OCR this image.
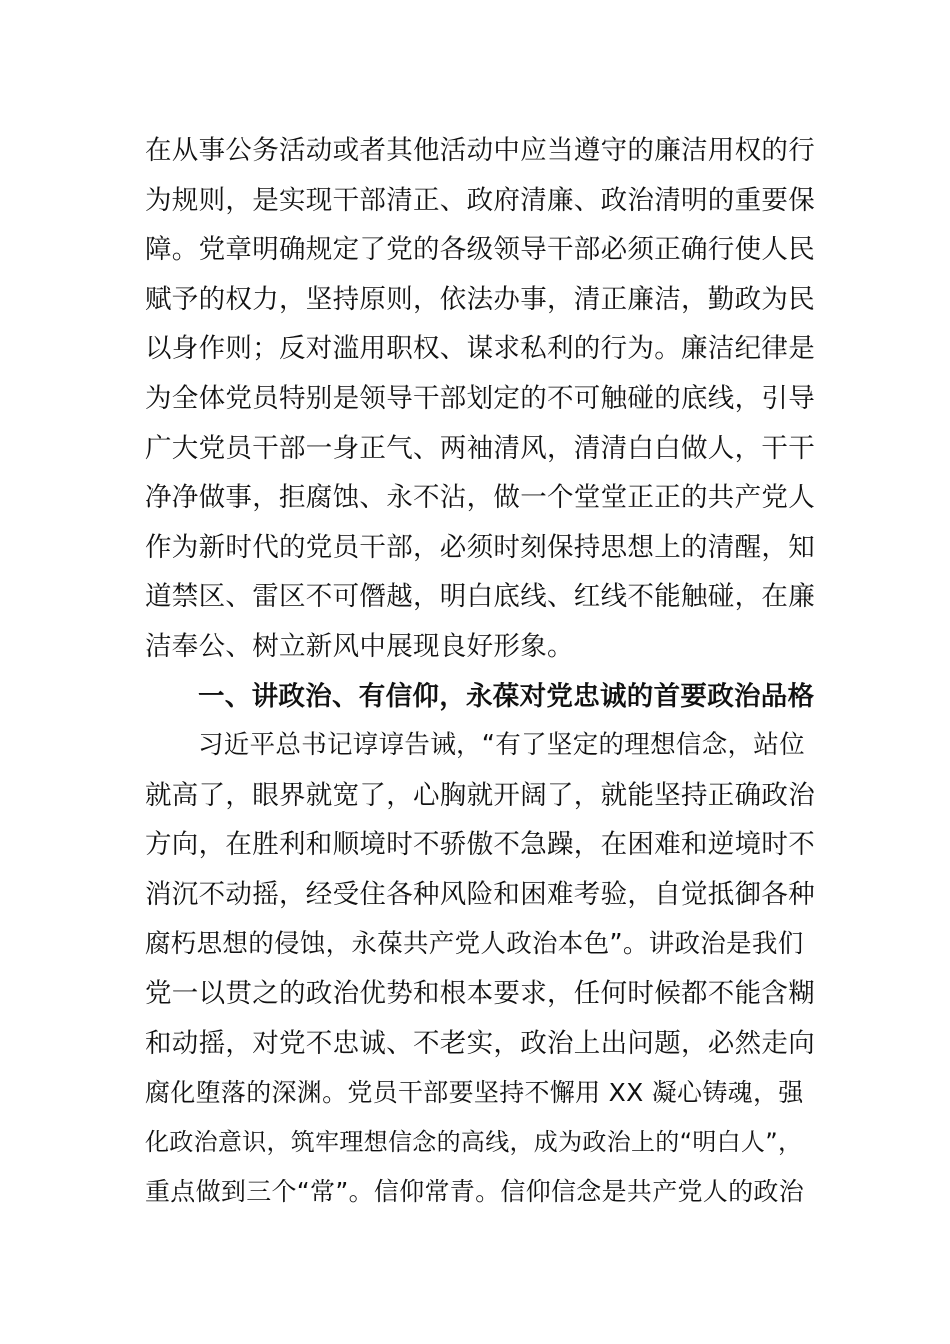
在从事公务活动或者其他活动中应当遵守的廉洁用权的行
为规则，是实现干部清正、政府清廉、政治清明的重要保
障。党章明确规定了党的各级领导干部必须正确行使人民
赋予的权力，坚持原则，依法办事，清正廉洁，勤政为民
以身作则；反对滥用职权、谋求私利的行为。廉洁纪律是
为全体党员特别是领导干部划定的不可触碰的底线，引导
广大党员干部一身正气、两袖清风，清清白白做人，干干
净净做事，拒腐蚀、永不沾，做一个堂堂正正的共产党人
作为新时代的党员干部，必须时刻保持思想上的清醒，知
道禁区、雷区不可僭越，明白底线、红线不能触碰，在廉
洁奉公、树立新风中展现良好形象。
一、讲政治、有信仰，永葆对党忠诚的首要政治品格
习近平总书记谆谆告诫，“有了坚定的理想信念，站位
就高了，眼界就宽了，心胸就开阔了，就能坚持正确政治
方向，在胜利和顺境时不骄傲不急躁，在困难和逆境时不
消沉不动摇，经受住各种风险和困难考验，自觉抵御各种
腐朽思想的侵蚀，永葆共产党人政治本色”。讲政治是我们
党一以贯之的政治优势和根本要求，任何时候都不能含糊
和动摇，对党不忠诚、不老实，政治上出问题，必然走向
腐化堕落的深渊。党员干部要坚持不懈用 XX 凝心铸魂，强
化政治意识，筑牢理想信念的高线，成为政治上的“明白人”，
重点做到三个“常”。信仰常青。信仰信念是共产党人的政治
